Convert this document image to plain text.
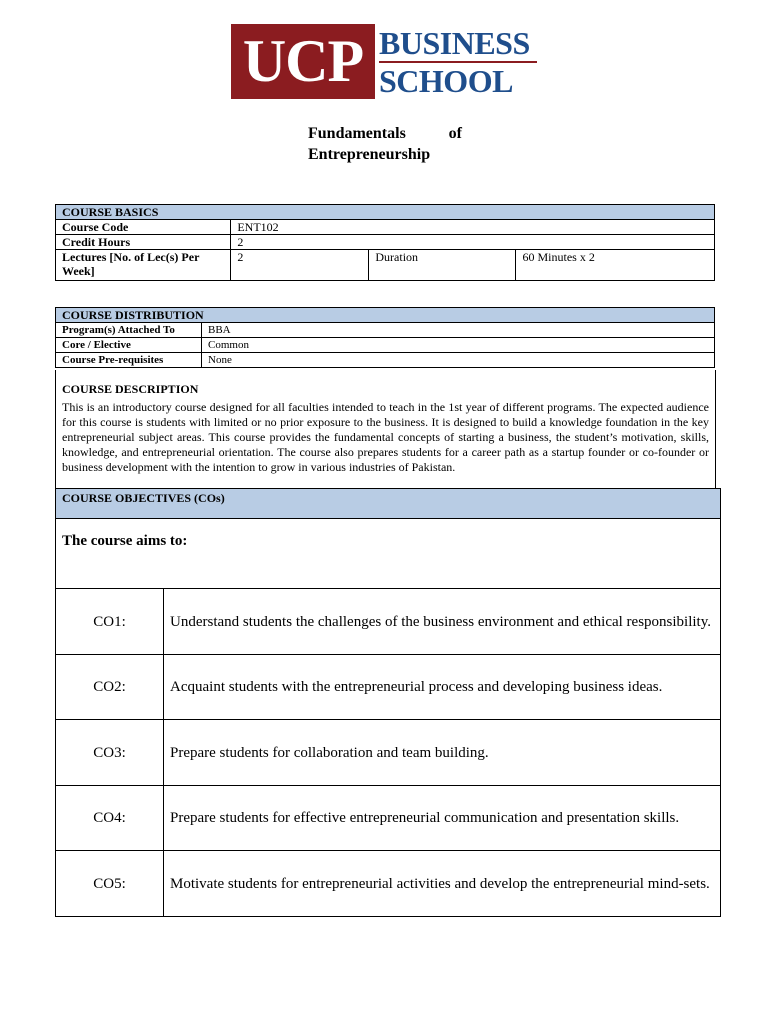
UCP BUSINESS
SCHOOL
Fundamentals	of
Entrepreneurship
COURSE BASICS			
Course Code	ENT102		
Credit Hours	2		
Lectures [No. of Lec(s) Per Week]	2	Duration	60 Minutes x 2
COURSE DISTRIBUTION	
Program(s) Attached To	BBA
Core / Elective	Common
Course Pre-requisites	None
COURSE DESCRIPTION
This is an introductory course designed for all faculties intended to teach in the 1st year of different programs. The expected audience for this course is students with limited or no prior exposure to the business. It is designed to build a knowledge foundation in the key entrepreneurial subject areas. This course provides the fundamental concepts of starting a business, the student’s motivation, skills, knowledge, and entrepreneurial orientation. The course also prepares students for a career path as a startup founder or co-founder or business development with the intention to grow in various industries of Pakistan.
COURSE OBJECTIVES (COs)	
The course aims to:	
CO1:	Understand students the challenges of the business environment and ethical responsibility.
CO2:	Acquaint students with the entrepreneurial process and developing business ideas.
CO3:	Prepare students for collaboration and team building.
CO4:	Prepare students for effective entrepreneurial communication and presentation skills.
CO5:	Motivate students for entrepreneurial activities and develop the entrepreneurial mind-sets.
